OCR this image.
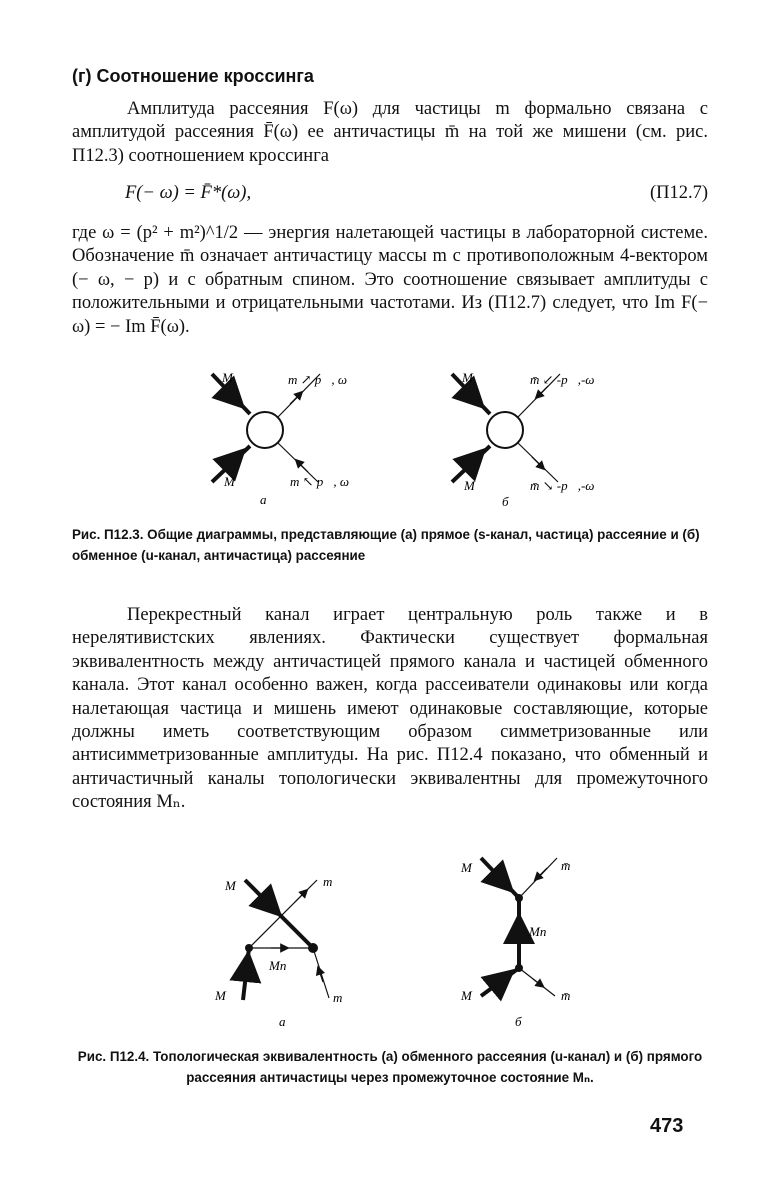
(г) Соотношение кроссинга

Амплитуда рассеяния F(ω) для частицы m формально связана с амплитудой рассеяния F̄(ω) ее античастицы m̄ на той же мишени (см. рис. П12.3) соотношением кроссинга

F(− ω) = F̄*(ω),	(П12.7)

где ω = (p² + m²)^1/2 — энергия налетающей частицы в лабораторной системе. Обозначение m̄ означает античастицу массы m с противоположным 4-вектором (− ω, − p) и с обратным спином. Это соотношение связывает амплитуды с положительными и отрицательными частотами. Из (П12.7) следует, что Im F(− ω) = − Im F̄(ω).

M	m ↗ p⃗, ω
M	m ↖ p⃗, ω
а
M	m̄ ↙ -p⃗,-ω
M	m̄ ↘ -p⃗,-ω
б
Рис. П12.3. Общие диаграммы, представляющие (а) прямое (s-канал, частица) рассеяние и (б) обменное (u-канал, античастица) рассеяние

Перекрестный канал играет центральную роль также и в нерелятивистских явлениях. Фактически существует формальная эквивалентность между античастицей прямого канала и частицей обменного канала. Этот канал особенно важен, когда рассеиватели одинаковы или когда налетающая частица и мишень имеют одинаковые составляющие, которые должны иметь соответствующим образом симметризованные или антисимметризованные амплитуды. На рис. П12.4 показано, что обменный и античастичный каналы топологически эквивалентны для промежуточного состояния Mₙ.

M	m
Mn
M	m
а
M	m̄
Mn
M	m̄
б
Рис. П12.4. Топологическая эквивалентность (а) обменного рассеяния (u-канал) и (б) прямого рассеяния античастицы через промежуточное состояние Mₙ.
473
